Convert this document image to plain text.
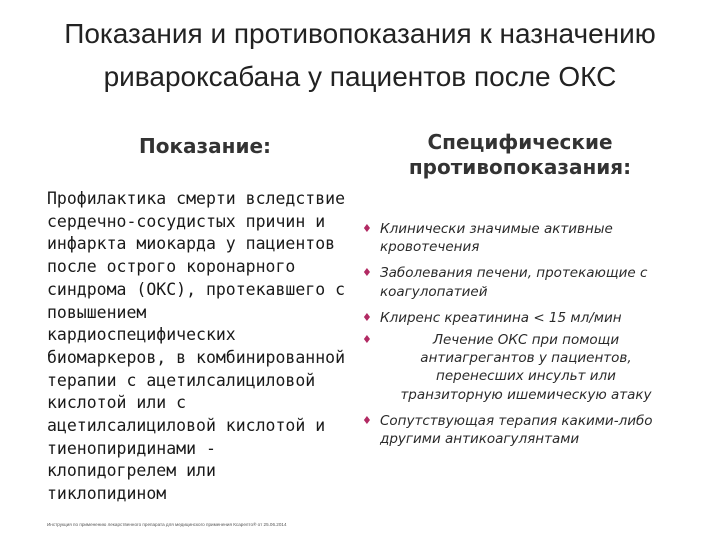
Показания и противопоказания к назначению
ривароксабана у пациентов после ОКС
Показание:	Специфические
противопоказания:

Профилактика смерти вследствие
сердечно-сосудистых причин и
инфаркта миокарда у пациентов
после острого коронарного
синдрома (ОКС), протекавшего с
повышением
кардиоспецифических
биомаркеров, в комбинированной
терапии с ацетилсалициловой
кислотой или с
ацетилсалициловой кислотой и
тиенопиридинами -
клопидогрелем или
тиклопидином

♦ Клинически значимые активные
кровотечения
♦ Заболевания печени, протекающие с
коагулопатией
♦ Клиренс креатинина < 15 мл/мин
♦	Лечение ОКС при помощи
антиагрегантов у пациентов,
перенесших инсульт или
транзиторную ишемическую атаку
♦ Сопутствующая терапия какими-либо
другими антикоагулянтами

Инструкция по применению лекарственного препарата для медицинского применения Ксарелто® от 25.06.2014
